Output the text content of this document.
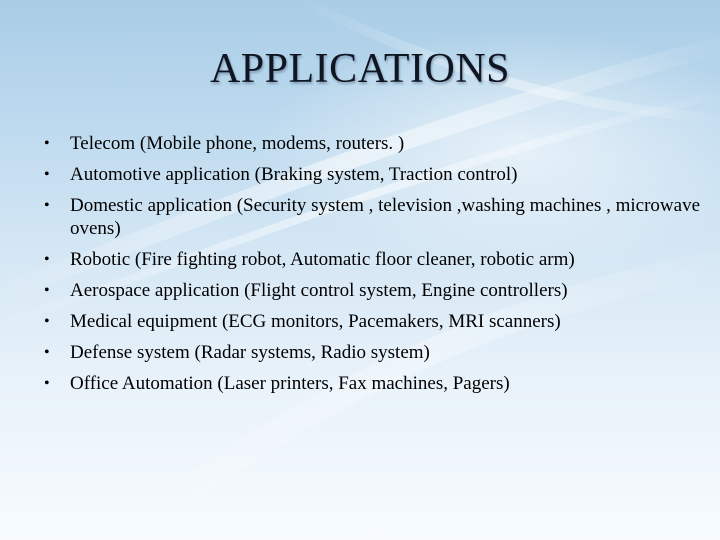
APPLICATIONS
•	Telecom (Mobile phone, modems, routers. )
•	Automotive application (Braking system, Traction control)
•	Domestic application (Security system , television ,washing machines , microwave ovens)
•	Robotic (Fire fighting robot, Automatic floor cleaner, robotic arm)
•	Aerospace application (Flight control system, Engine controllers)
•	Medical equipment (ECG monitors, Pacemakers, MRI scanners)
•	Defense system (Radar systems, Radio system)
•	Office Automation (Laser printers, Fax machines, Pagers)
